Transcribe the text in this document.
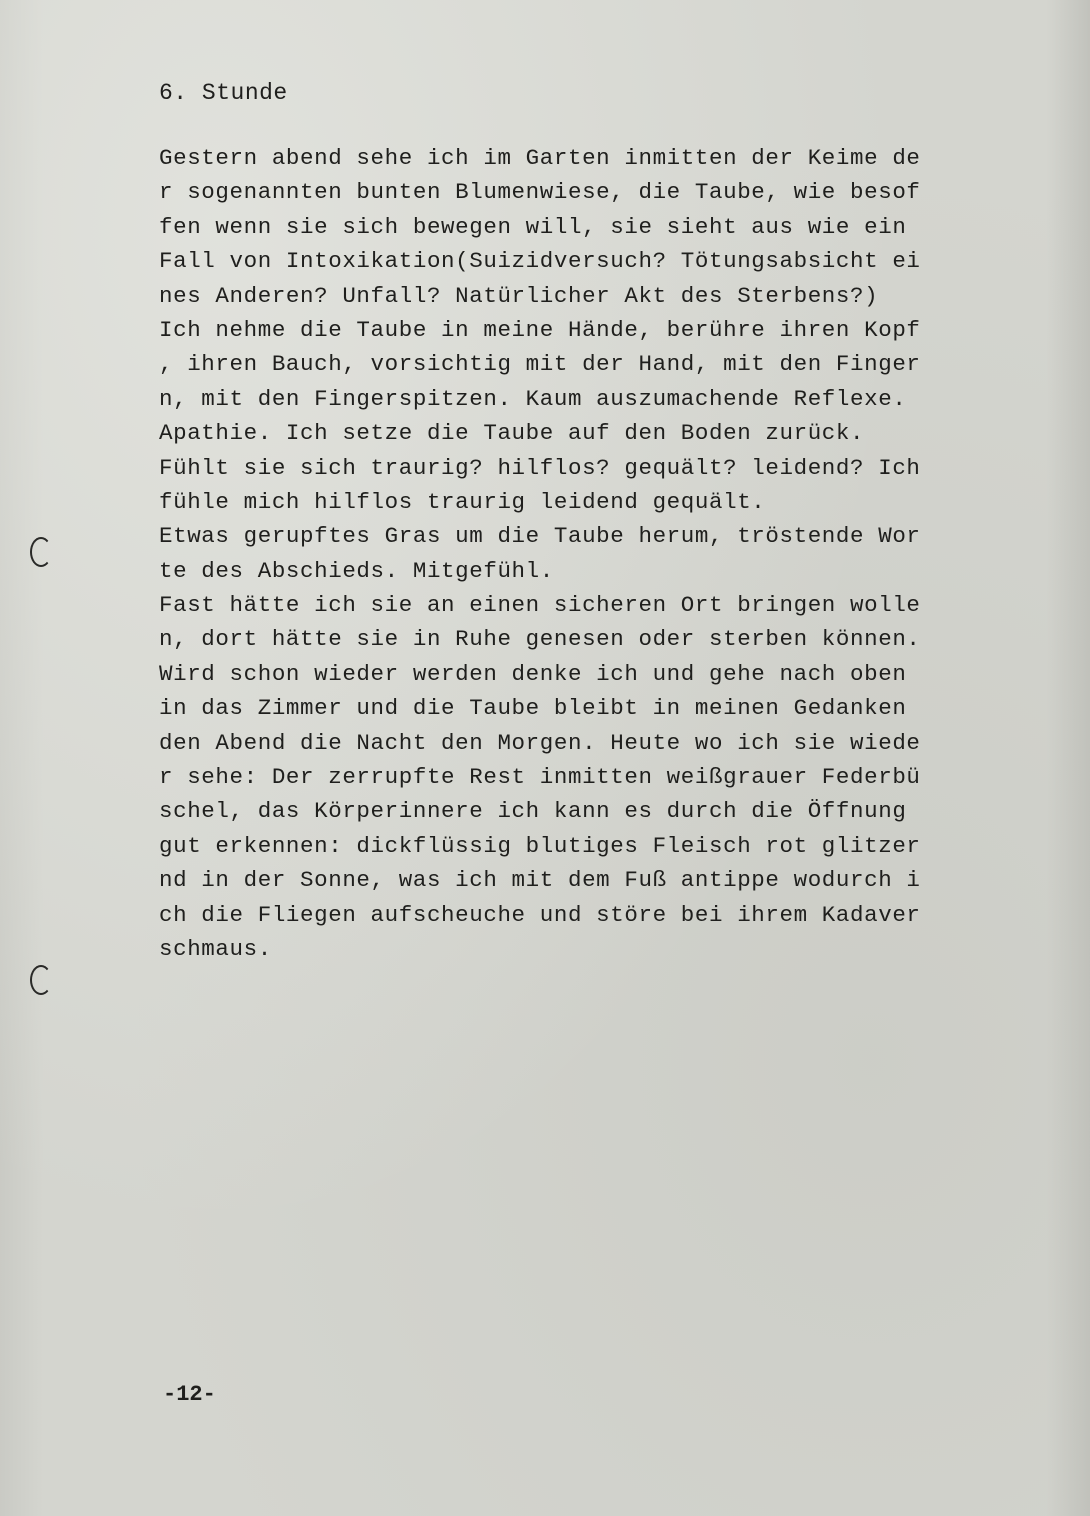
6. Stunde
Gestern abend sehe ich im Garten inmitten der Keime de
r sogenannten bunten Blumenwiese, die Taube, wie besof
fen wenn sie sich bewegen will, sie sieht aus wie ein
Fall von Intoxikation(Suizidversuch? Tötungsabsicht ei
nes Anderen? Unfall? Natürlicher Akt des Sterbens?)
Ich nehme die Taube in meine Hände, berühre ihren Kopf
, ihren Bauch, vorsichtig mit der Hand, mit den Finger
n, mit den Fingerspitzen. Kaum auszumachende Reflexe.
Apathie. Ich setze die Taube auf den Boden zurück.
Fühlt sie sich traurig? hilflos? gequält? leidend? Ich
fühle mich hilflos traurig leidend gequält.
Etwas gerupftes Gras um die Taube herum, tröstende Wor
te des Abschieds. Mitgefühl.
Fast hätte ich sie an einen sicheren Ort bringen wolle
n, dort hätte sie in Ruhe genesen oder sterben können.
Wird schon wieder werden denke ich und gehe nach oben
in das Zimmer und die Taube bleibt in meinen Gedanken
den Abend die Nacht den Morgen. Heute wo ich sie wiede
r sehe: Der zerrupfte Rest inmitten weißgrauer Federbü
schel, das Körperinnere ich kann es durch die Öffnung
gut erkennen: dickflüssig blutiges Fleisch rot glitzer
nd in der Sonne, was ich mit dem Fuß antippe wodurch i
ch die Fliegen aufscheuche und störe bei ihrem Kadaver
schmaus.
-12-
